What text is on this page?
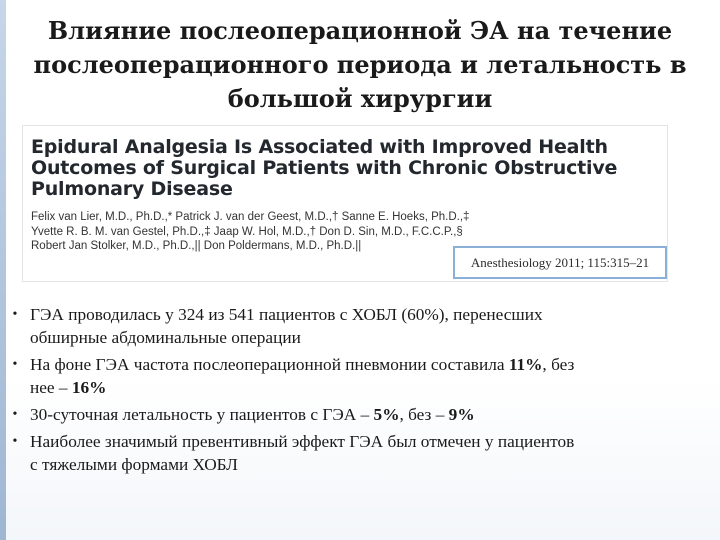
Влияние послеоперационной ЭА на течение
послеоперационного периода и летальность в
большой хирургии
Epidural Analgesia Is Associated with Improved Health
Outcomes of Surgical Patients with Chronic Obstructive
Pulmonary Disease
Felix van Lier, M.D., Ph.D.,* Patrick J. van der Geest, M.D.,† Sanne E. Hoeks, Ph.D.,‡
Yvette R. B. M. van Gestel, Ph.D.,‡ Jaap W. Hol, M.D.,† Don D. Sin, M.D., F.C.C.P.,§
Robert Jan Stolker, M.D., Ph.D.,|| Don Poldermans, M.D., Ph.D.||
Anesthesiology 2011; 115:315–21
• ГЭА проводилась у 324 из 541 пациентов с ХОБЛ (60%), перенесших
обширные абдоминальные операции
• На фоне ГЭА частота послеоперационной пневмонии составила 11%, без
нее – 16%
• 30-суточная летальность у пациентов с ГЭА – 5%, без – 9%
• Наиболее значимый превентивный эффект ГЭА был отмечен у пациентов
с тяжелыми формами ХОБЛ
